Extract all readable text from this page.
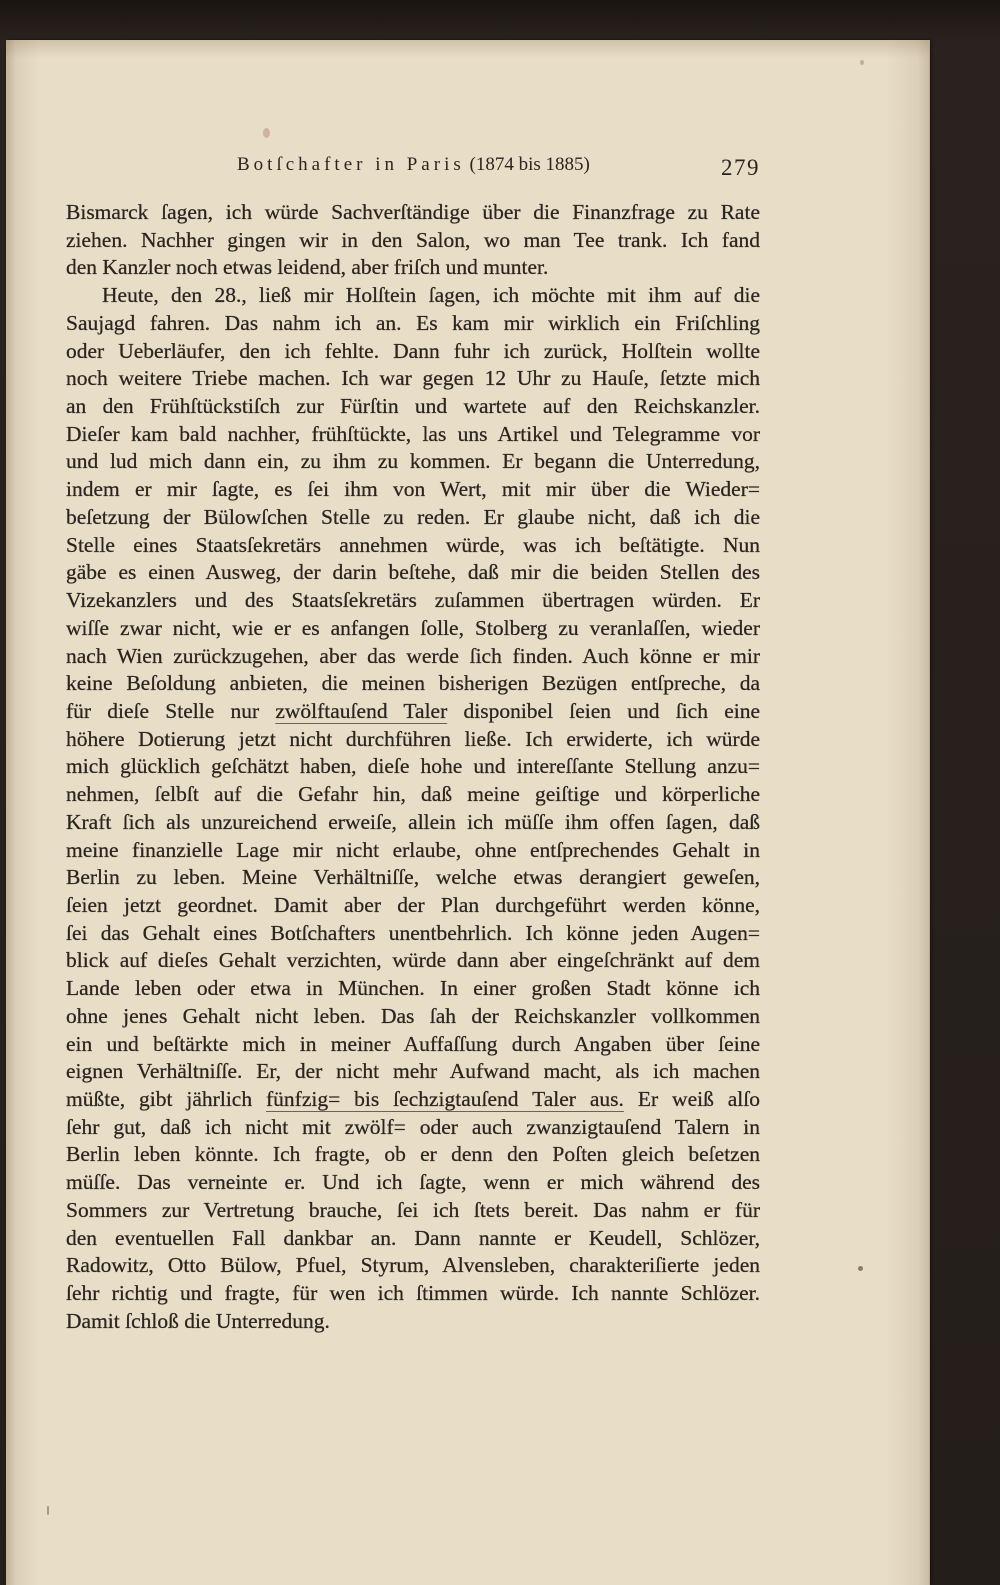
Botſchafter in Paris (1874 bis 1885)	279
Bismarck ſagen, ich würde Sachverſtändige über die Finanzfrage zu Rate
ziehen. Nachher gingen wir in den Salon, wo man Tee trank. Ich fand
den Kanzler noch etwas leidend, aber friſch und munter.
Heute, den 28., ließ mir Holſtein ſagen, ich möchte mit ihm auf die
Saujagd fahren. Das nahm ich an. Es kam mir wirklich ein Friſchling
oder Ueberläufer, den ich fehlte. Dann fuhr ich zurück, Holſtein wollte
noch weitere Triebe machen. Ich war gegen 12 Uhr zu Hauſe, ſetzte mich
an den Frühſtückstiſch zur Fürſtin und wartete auf den Reichskanzler.
Dieſer kam bald nachher, frühſtückte, las uns Artikel und Telegramme vor
und lud mich dann ein, zu ihm zu kommen. Er begann die Unterredung,
indem er mir ſagte, es ſei ihm von Wert, mit mir über die Wieder=
beſetzung der Bülowſchen Stelle zu reden. Er glaube nicht, daß ich die
Stelle eines Staatsſekretärs annehmen würde, was ich beſtätigte. Nun
gäbe es einen Ausweg, der darin beſtehe, daß mir die beiden Stellen des
Vizekanzlers und des Staatsſekretärs zuſammen übertragen würden. Er
wiſſe zwar nicht, wie er es anfangen ſolle, Stolberg zu veranlaſſen, wieder
nach Wien zurückzugehen, aber das werde ſich finden. Auch könne er mir
keine Beſoldung anbieten, die meinen bisherigen Bezügen entſpreche, da
für dieſe Stelle nur zwölftauſend Taler disponibel ſeien und ſich eine
höhere Dotierung jetzt nicht durchführen ließe. Ich erwiderte, ich würde
mich glücklich geſchätzt haben, dieſe hohe und intereſſante Stellung anzu=
nehmen, ſelbſt auf die Gefahr hin, daß meine geiſtige und körperliche
Kraft ſich als unzureichend erweiſe, allein ich müſſe ihm offen ſagen, daß
meine finanzielle Lage mir nicht erlaube, ohne entſprechendes Gehalt in
Berlin zu leben. Meine Verhältniſſe, welche etwas derangiert geweſen,
ſeien jetzt geordnet. Damit aber der Plan durchgeführt werden könne,
ſei das Gehalt eines Botſchafters unentbehrlich. Ich könne jeden Augen=
blick auf dieſes Gehalt verzichten, würde dann aber eingeſchränkt auf dem
Lande leben oder etwa in München. In einer großen Stadt könne ich
ohne jenes Gehalt nicht leben. Das ſah der Reichskanzler vollkommen
ein und beſtärkte mich in meiner Auffaſſung durch Angaben über ſeine
eignen Verhältniſſe. Er, der nicht mehr Aufwand macht, als ich machen
müßte, gibt jährlich fünfzig= bis ſechzigtauſend Taler aus. Er weiß alſo
ſehr gut, daß ich nicht mit zwölf= oder auch zwanzigtauſend Talern in
Berlin leben könnte. Ich fragte, ob er denn den Poſten gleich beſetzen
müſſe. Das verneinte er. Und ich ſagte, wenn er mich während des
Sommers zur Vertretung brauche, ſei ich ſtets bereit. Das nahm er für
den eventuellen Fall dankbar an. Dann nannte er Keudell, Schlözer,
Radowitz, Otto Bülow, Pfuel, Styrum, Alvensleben, charakteriſierte jeden
ſehr richtig und fragte, für wen ich ſtimmen würde. Ich nannte Schlözer.
Damit ſchloß die Unterredung.
